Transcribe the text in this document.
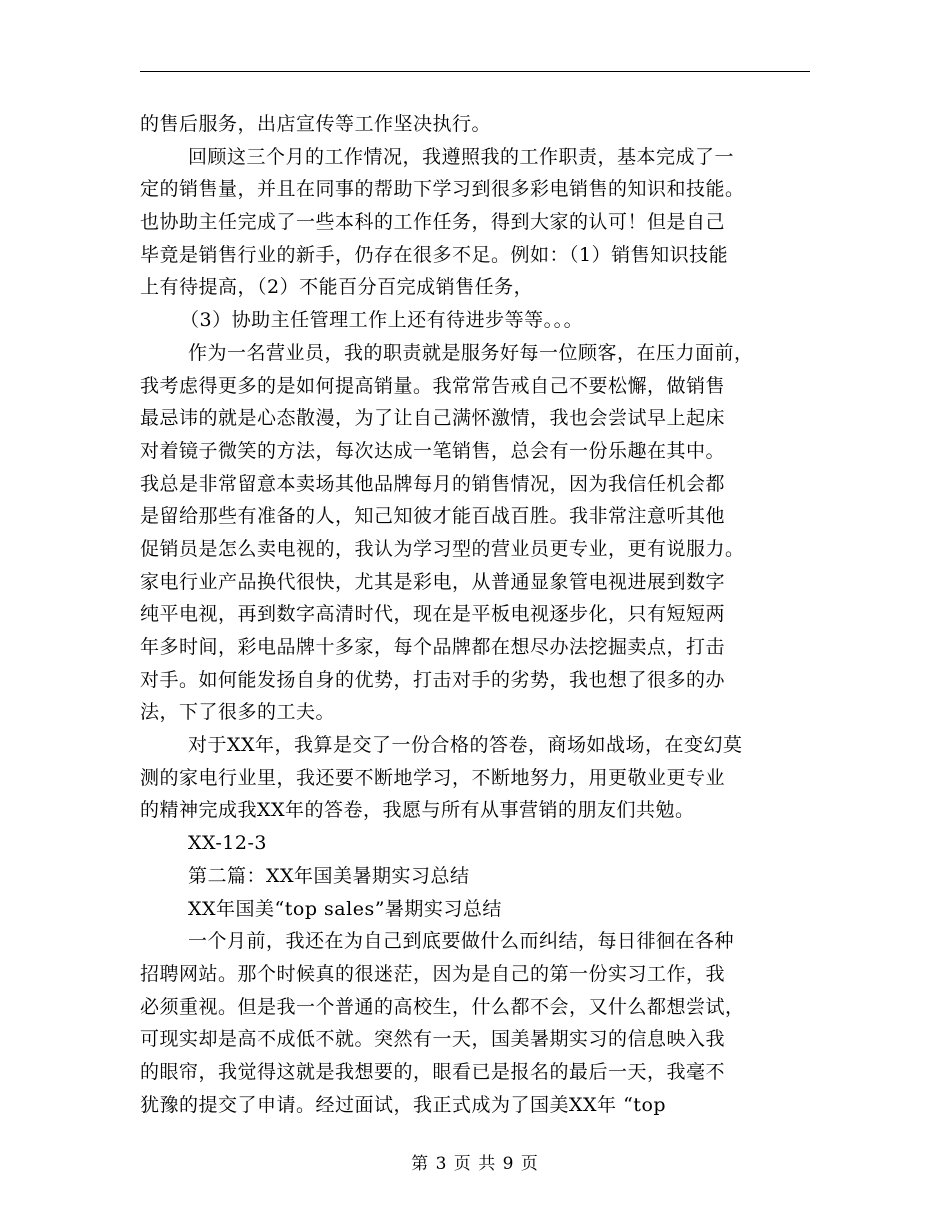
的售后服务，出店宣传等工作坚决执行。
回顾这三个月的工作情况，我遵照我的工作职责，基本完成了一
定的销售量，并且在同事的帮助下学习到很多彩电销售的知识和技能。
也协助主任完成了一些本科的工作任务，得到大家的认可！但是自己
毕竟是销售行业的新手，仍存在很多不足。例如：（1）销售知识技能
上有待提高，（2）不能百分百完成销售任务，
（3）协助主任管理工作上还有待进步等等。。。
作为一名营业员，我的职责就是服务好每一位顾客，在压力面前，
我考虑得更多的是如何提高销量。我常常告戒自己不要松懈，做销售
最忌讳的就是心态散漫，为了让自己满怀激情，我也会尝试早上起床
对着镜子微笑的方法，每次达成一笔销售，总会有一份乐趣在其中。
我总是非常留意本卖场其他品牌每月的销售情况，因为我信任机会都
是留给那些有准备的人，知己知彼才能百战百胜。我非常注意听其他
促销员是怎么卖电视的，我认为学习型的营业员更专业，更有说服力。
家电行业产品换代很快，尤其是彩电，从普通显象管电视进展到数字
纯平电视，再到数字高清时代，现在是平板电视逐步化，只有短短两
年多时间，彩电品牌十多家，每个品牌都在想尽办法挖掘卖点，打击
对手。如何能发扬自身的优势，打击对手的劣势，我也想了很多的办
法，下了很多的工夫。
对于XX年，我算是交了一份合格的答卷，商场如战场，在变幻莫
测的家电行业里，我还要不断地学习，不断地努力，用更敬业更专业
的精神完成我XX年的答卷，我愿与所有从事营销的朋友们共勉。
XX-12-3
第二篇：XX年国美暑期实习总结
XX年国美“top sales”暑期实习总结
一个月前，我还在为自己到底要做什么而纠结，每日徘徊在各种
招聘网站。那个时候真的很迷茫，因为是自己的第一份实习工作，我
必须重视。但是我一个普通的高校生，什么都不会，又什么都想尝试，
可现实却是高不成低不就。突然有一天，国美暑期实习的信息映入我
的眼帘，我觉得这就是我想要的，眼看已是报名的最后一天，我毫不
犹豫的提交了申请。经过面试，我正式成为了国美XX年 “top
第 3 页 共 9 页
